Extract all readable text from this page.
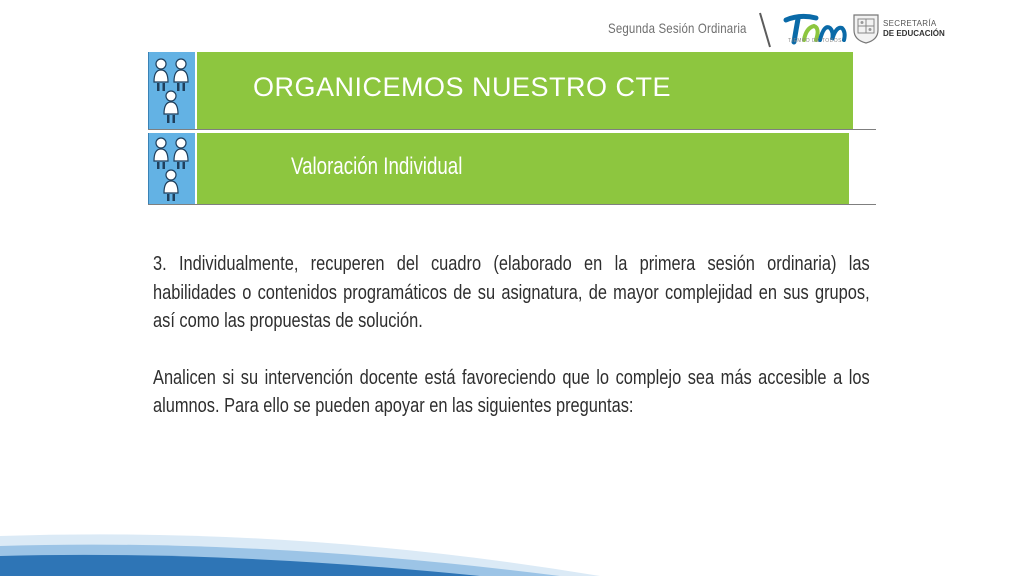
Segunda Sesión Ordinaria
TIEMPO DE TODOS
SECRETARÍA
DE EDUCACIÓN
ORGANICEMOS NUESTRO CTE
Valoración Individual

3. Individualmente, recuperen del cuadro (elaborado en la primera sesión ordinaria) las habilidades o contenidos programáticos de su asignatura, de mayor complejidad en sus grupos, así como las propuestas de solución.

Analicen si su intervención docente está favoreciendo que lo complejo sea más accesible a los alumnos. Para ello se pueden apoyar en las siguientes preguntas:
